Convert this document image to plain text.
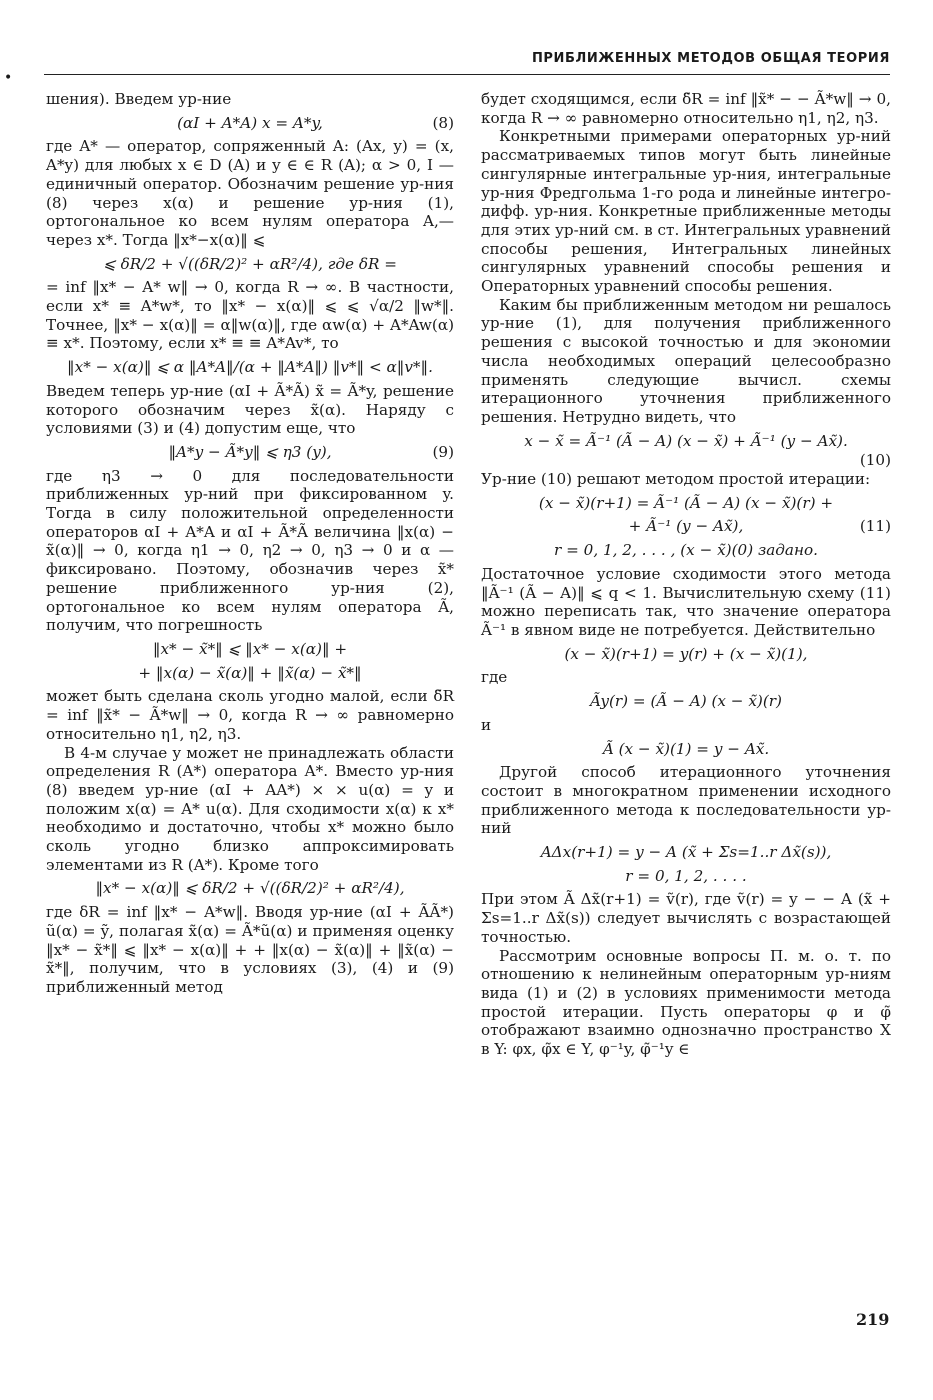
ПРИБЛИЖЕННЫХ МЕТОДОВ ОБЩАЯ ТЕОРИЯ
•

шения). Введем ур-ние

(αI + A*A) x = A*y,	(8)

где A* — оператор, сопряженный A: (Ax, y) = (x, A*y) для любых x ∈ D (A) и y ∈ ∈ R (A); α > 0, I — единичный оператор. Обозначим решение ур-ния (8) через x(α) и решение ур-ния (1), ортогональное ко всем нулям оператора A,—через x*. Тогда ‖x*−x(α)‖ ⩽

⩽ δR/2 + √((δR/2)² + αR²/4), где δR =

= inf ‖x* − A* w‖ → 0, когда R → ∞. В частности, если x* ≡ A*w*, то ‖x* − x(α)‖ ⩽ ⩽ √α/2 ‖w*‖. Точнее, ‖x* − x(α)‖ = α‖w(α)‖, где αw(α) + A*Aw(α) ≡ x*. Поэтому, если x* ≡ ≡ A*Av*, то

‖x* − x(α)‖ ⩽ α ‖A*A‖/(α + ‖A*A‖) ‖v*‖ < α‖v*‖.

Введем теперь ур-ние (αI + Ã*Ã) x̃ = Ã*y, решение которого обозначим через x̃(α). Наряду с условиями (3) и (4) допустим еще, что

‖A*y − Ã*y‖ ⩽ η3 (y),	(9)

где η3 → 0 для последовательности приближенных ур-ний при фиксированном y. Тогда в силу положительной определенности операторов αI + A*A и αI + Ã*Ã величина ‖x(α) − x̃(α)‖ → 0, когда η1 → 0, η2 → 0, η3 → 0 и α — фиксировано. Поэтому, обозначив через x̃* решение приближенного ур-ния (2), ортогональное ко всем нулям оператора Ã, получим, что погрешность

‖x* − x̃*‖ ⩽ ‖x* − x(α)‖ +
+ ‖x(α) − x̃(α)‖ + ‖x̃(α) − x̃*‖

может быть сделана сколь угодно малой, если δ̃R = inf ‖x̃* − Ã*w‖ → 0, когда R → ∞ равномерно относительно η1, η2, η3.

В 4-м случае y может не принадлежать области определения R (A*) оператора A*. Вместо ур-ния (8) введем ур-ние (αI + AA*) × × u(α) = y и положим x(α) = A* u(α). Для сходимости x(α) к x* необходимо и достаточно, чтобы x* можно было сколь угодно близко аппроксимировать элементами из R (A*). Кроме того

‖x* − x(α)‖ ⩽ δR/2 + √((δR/2)² + αR²/4),

где δR = inf ‖x* − A*w‖. Вводя ур-ние (αI + ÃÃ*) ũ(α) = ỹ, полагая x̃(α) = Ã*ũ(α) и применяя оценку ‖x* − x̃*‖ ⩽ ‖x* − x(α)‖ + + ‖x(α) − x̃(α)‖ + ‖x̃(α) − x̃*‖, получим, что в условиях (3), (4) и (9) приближенный метод

будет сходящимся, если δ̃R = inf ‖x̃* − − Ã*w‖ → 0, когда R → ∞ равномерно относительно η1, η2, η3.

Конкретными примерами операторных ур-ний рассматриваемых типов могут быть линейные сингулярные интегральные ур-ния, интегральные ур-ния Фредгольма 1-го рода и линейные интегро-дифф. ур-ния. Конкретные приближенные методы для этих ур-ний см. в ст. Интегральных уравнений способы решения, Интегральных линейных сингулярных уравнений способы решения и Операторных уравнений способы решения.

Каким бы приближенным методом ни решалось ур-ние (1), для получения приближенного решения с высокой точностью и для экономии числа необходимых операций целесообразно применять следующие вычисл. схемы итерационного уточнения приближенного решения. Нетрудно видеть, что

x − x̃ = Ã⁻¹ (Ã − A) (x − x̃) + Ã⁻¹ (y − Ax̃).
(10)

Ур-ние (10) решают методом простой итерации:

(x − x̃)(r+1) = Ã⁻¹ (Ã − A) (x − x̃)(r) +
+ Ã⁻¹ (y − Ax̃),	(11)
r = 0, 1, 2, . . . , (x − x̃)(0) задано.

Достаточное условие сходимости этого метода ‖Ã⁻¹ (Ã − A)‖ ⩽ q < 1. Вычислительную схему (11) можно переписать так, что значение оператора Ã⁻¹ в явном виде не потребуется. Действительно

(x − x̃)(r+1) = y(r) + (x − x̃)(1),

где

Ãy(r) = (Ã − A) (x − x̃)(r)

и

Ã (x − x̃)(1) = y − Ax̃.

Другой способ итерационного уточнения состоит в многократном применении исходного приближенного метода к последовательности ур-ний

AΔx(r+1) = y − A (x̃ + Σs=1..r Δx̃(s)),
r = 0, 1, 2, . . . .

При этом Ã Δx̃(r+1) = ṽ(r), где ṽ(r) = y − − A (x̃ + Σs=1..r Δx̃(s)) следует вычислять с возрастающей точностью.

Рассмотрим основные вопросы П. м. о. т. по отношению к нелинейным операторным ур-ниям вида (1) и (2) в условиях применимости метода простой итерации. Пусть операторы φ и φ̃ отображают взаимно однозначно пространство X в Y: φx, φ̃x ∈ Y, φ⁻¹y, φ̃⁻¹y ∈

219
